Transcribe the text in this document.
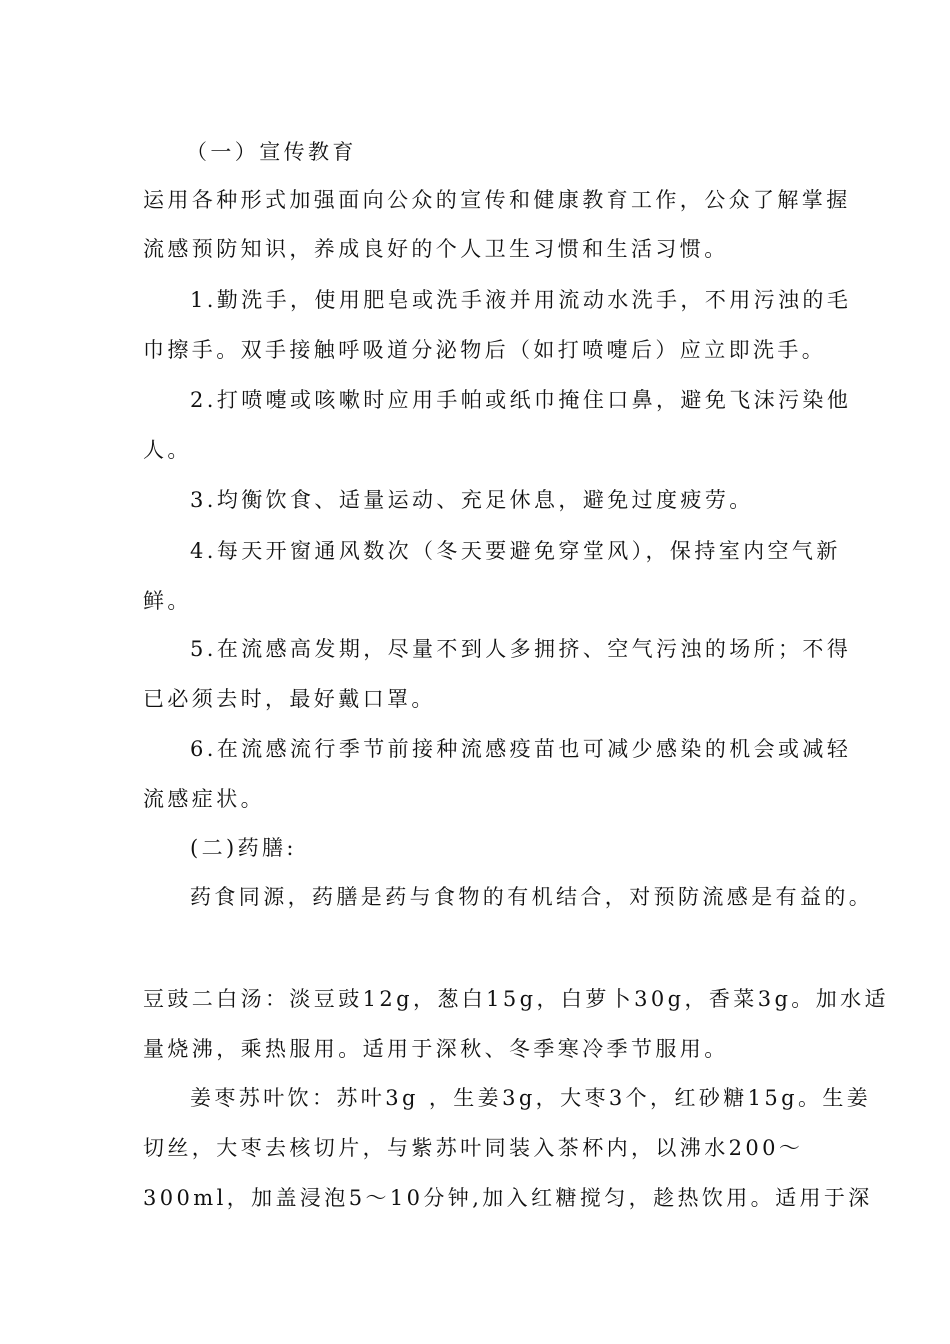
（一）宣传教育
运用各种形式加强面向公众的宣传和健康教育工作，公众了解掌握
流感预防知识，养成良好的个人卫生习惯和生活习惯。
1.勤洗手，使用肥皂或洗手液并用流动水洗手，不用污浊的毛
巾擦手。双手接触呼吸道分泌物后（如打喷嚏后）应立即洗手。
2.打喷嚏或咳嗽时应用手帕或纸巾掩住口鼻，避免飞沫污染他
人。
3.均衡饮食、适量运动、充足休息，避免过度疲劳。
4.每天开窗通风数次（冬天要避免穿堂风），保持室内空气新
鲜。
5.在流感高发期，尽量不到人多拥挤、空气污浊的场所；不得
已必须去时，最好戴口罩。
6.在流感流行季节前接种流感疫苗也可减少感染的机会或减轻
流感症状。
(二)药膳:
药食同源，药膳是药与食物的有机结合，对预防流感是有益的。
豆豉二白汤：淡豆豉12g，葱白15g，白萝卜30g，香菜3g。加水适
量烧沸，乘热服用。适用于深秋、冬季寒冷季节服用。
姜枣苏叶饮：苏叶3g ，生姜3g，大枣3个，红砂糖15g。生姜
切丝，大枣去核切片，与紫苏叶同装入茶杯内，以沸水200～
300ml，加盖浸泡5～10分钟,加入红糖搅匀，趁热饮用。适用于深
